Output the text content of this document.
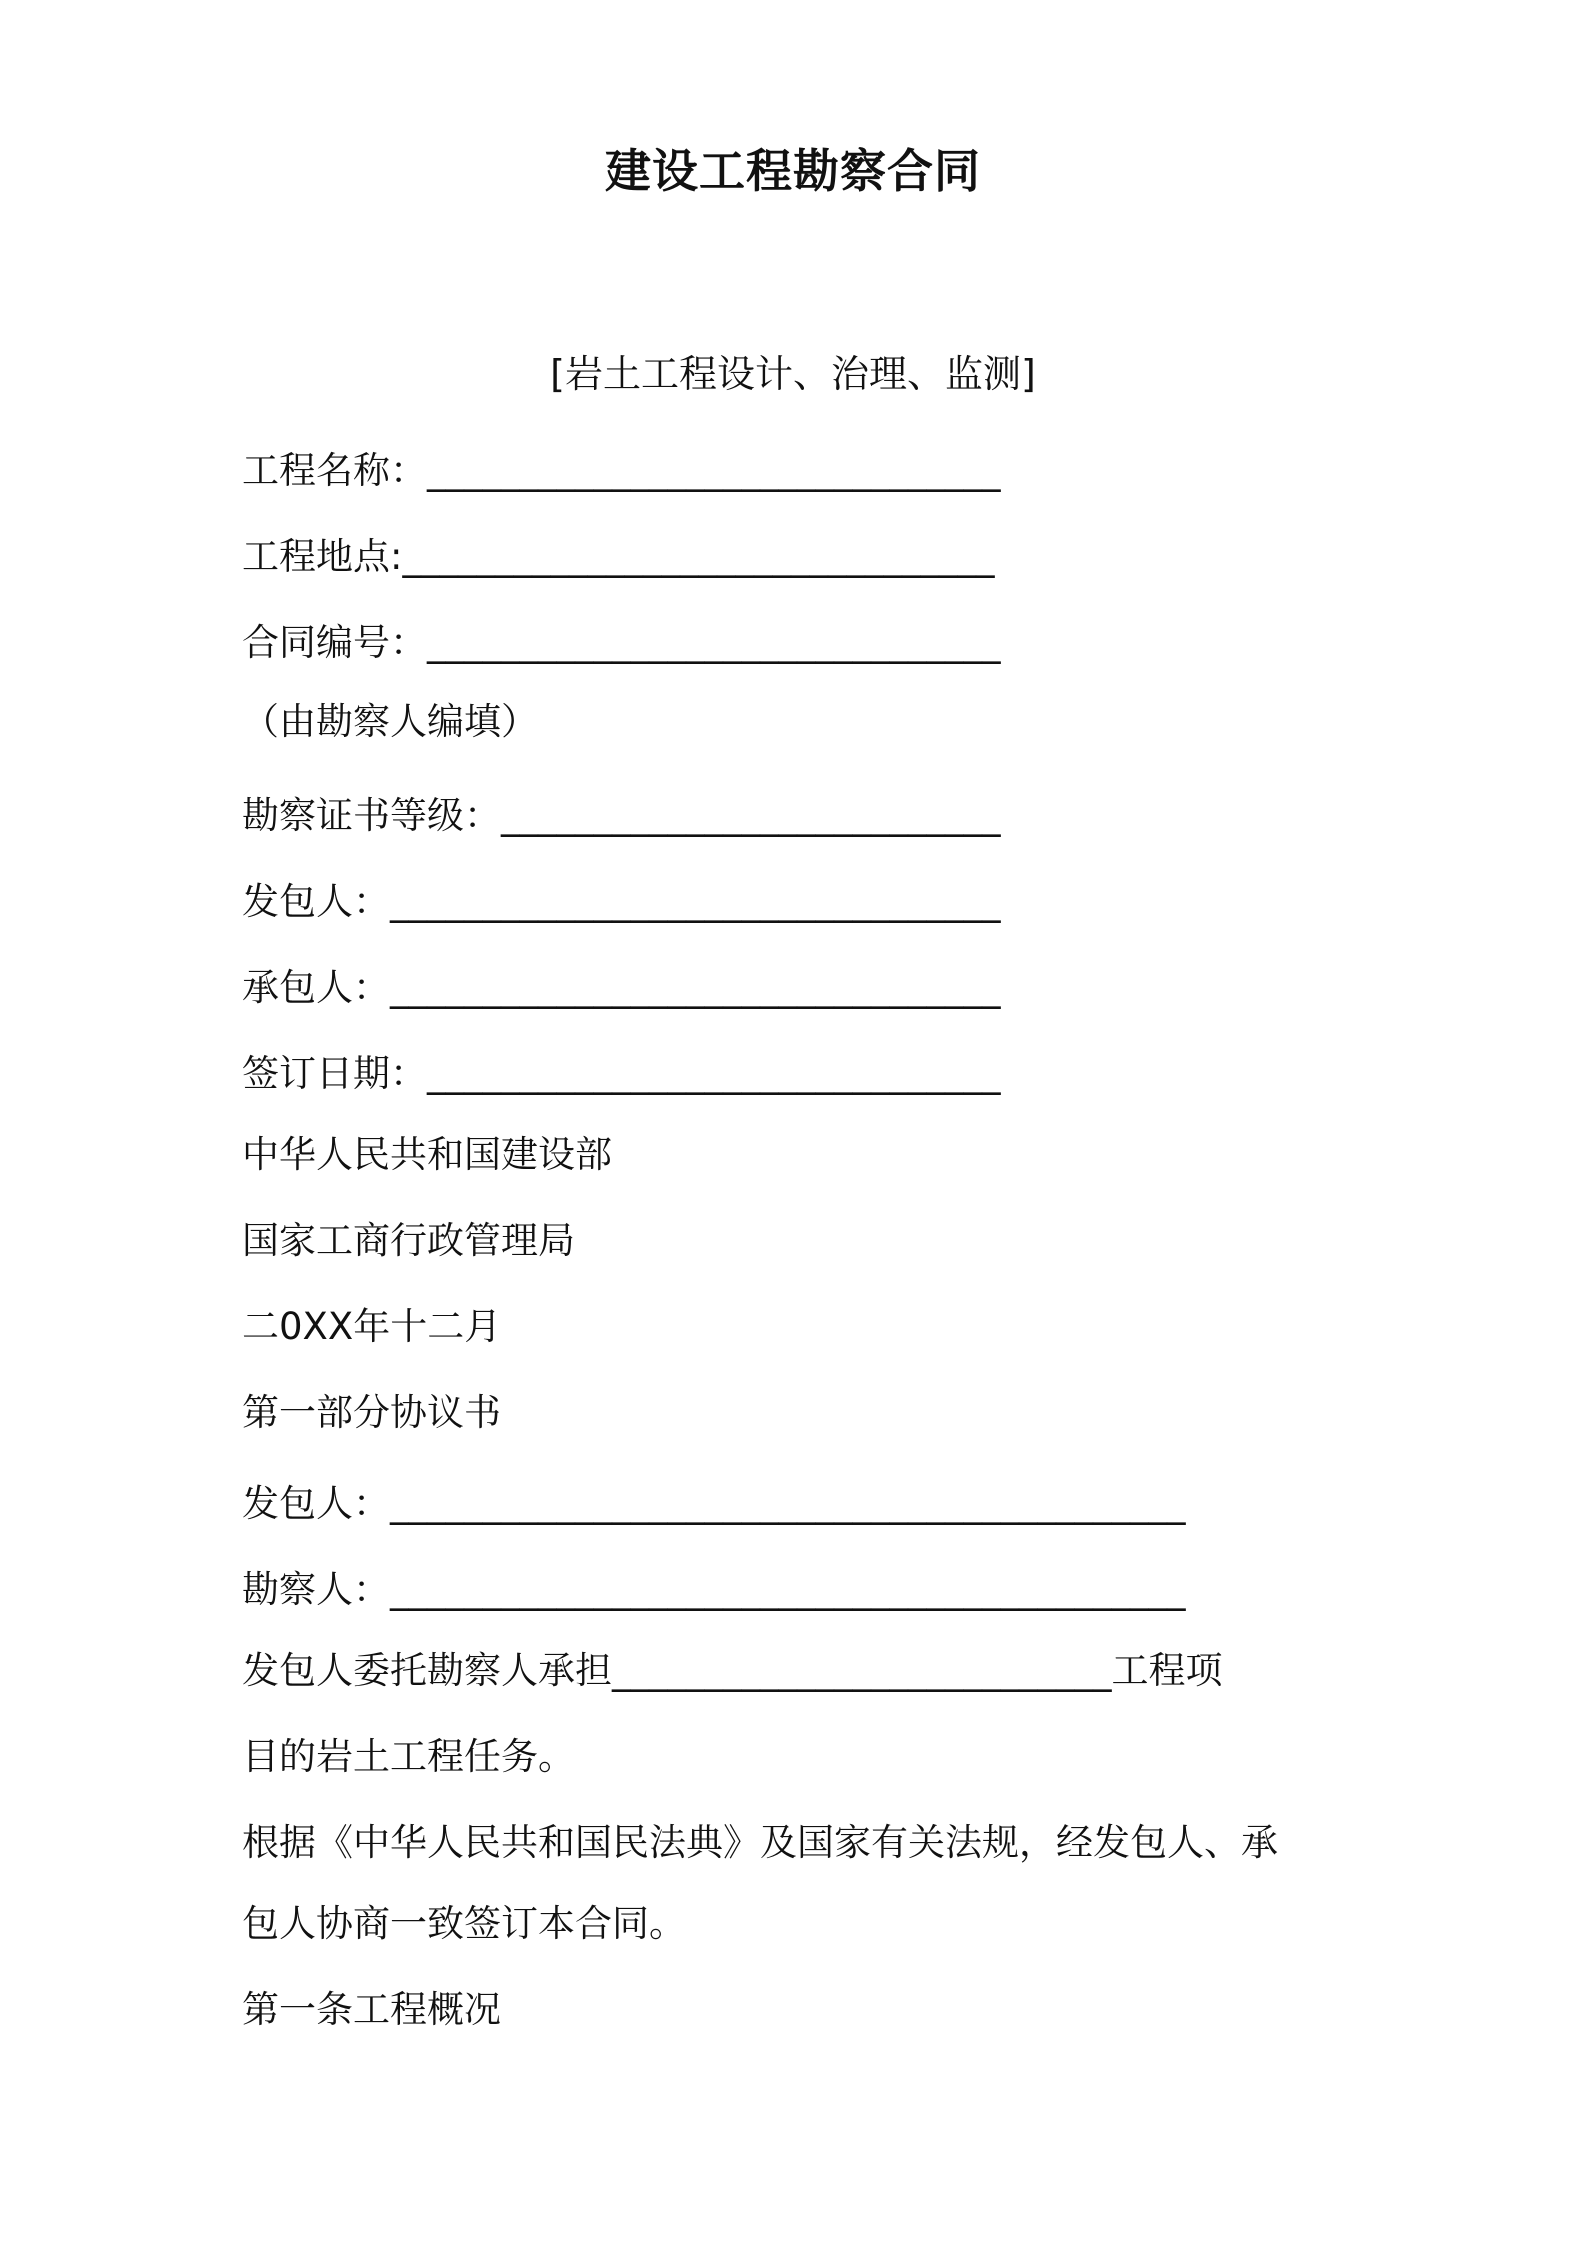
建设工程勘察合同
[岩土工程设计、治理、监测]
工程名称：_______________________________
工程地点:________________________________
合同编号：_______________________________
（由勘察人编填）
勘察证书等级：___________________________
发包人：_________________________________
承包人：_________________________________
签订日期：_______________________________
中华人民共和国建设部
国家工商行政管理局
二0XX年十二月
第一部分协议书
发包人：___________________________________________
勘察人：___________________________________________
发包人委托勘察人承担___________________________工程项
目的岩土工程任务。
根据《中华人民共和国民法典》及国家有关法规，经发包人、承
包人协商一致签订本合同。
第一条工程概况
